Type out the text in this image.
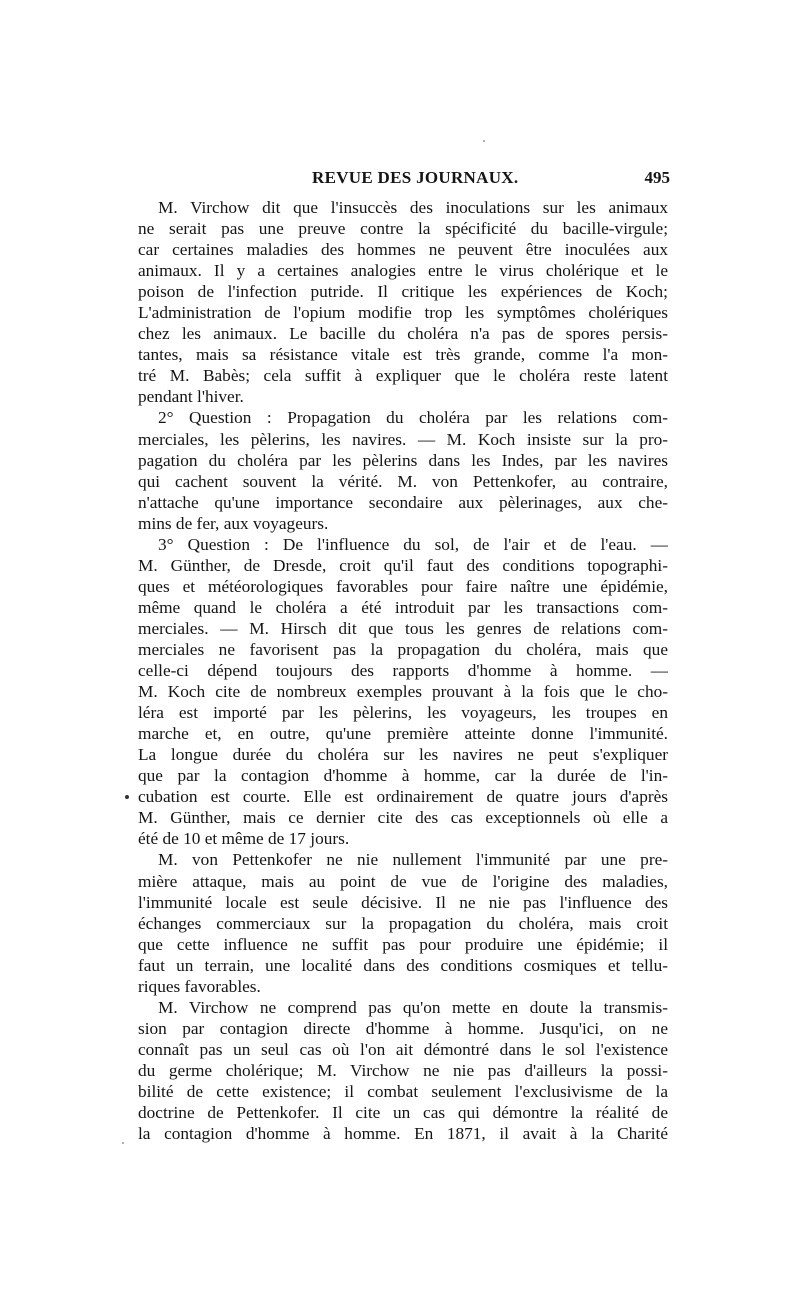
REVUE DES JOURNAUX.	495
M. Virchow dit que l'insuccès des inoculations sur les animaux
ne serait pas une preuve contre la spécificité du bacille-virgule;
car certaines maladies des hommes ne peuvent être inoculées aux
animaux. Il y a certaines analogies entre le virus cholérique et le
poison de l'infection putride. Il critique les expériences de Koch;
L'administration de l'opium modifie trop les symptômes cholériques
chez les animaux. Le bacille du choléra n'a pas de spores persis-
tantes, mais sa résistance vitale est très grande, comme l'a mon-
tré M. Babès; cela suffit à expliquer que le choléra reste latent
pendant l'hiver.
2° Question : Propagation du choléra par les relations com-
merciales, les pèlerins, les navires. — M. Koch insiste sur la pro-
pagation du choléra par les pèlerins dans les Indes, par les navires
qui cachent souvent la vérité. M. von Pettenkofer, au contraire,
n'attache qu'une importance secondaire aux pèlerinages, aux che-
mins de fer, aux voyageurs.
3° Question : De l'influence du sol, de l'air et de l'eau. —
M. Günther, de Dresde, croit qu'il faut des conditions topographi-
ques et météorologiques favorables pour faire naître une épidémie,
même quand le choléra a été introduit par les transactions com-
merciales. — M. Hirsch dit que tous les genres de relations com-
merciales ne favorisent pas la propagation du choléra, mais que
celle-ci dépend toujours des rapports d'homme à homme. —
M. Koch cite de nombreux exemples prouvant à la fois que le cho-
léra est importé par les pèlerins, les voyageurs, les troupes en
marche et, en outre, qu'une première atteinte donne l'immunité.
La longue durée du choléra sur les navires ne peut s'expliquer
que par la contagion d'homme à homme, car la durée de l'in-
cubation est courte. Elle est ordinairement de quatre jours d'après
M. Günther, mais ce dernier cite des cas exceptionnels où elle a
été de 10 et même de 17 jours.
M. von Pettenkofer ne nie nullement l'immunité par une pre-
mière attaque, mais au point de vue de l'origine des maladies,
l'immunité locale est seule décisive. Il ne nie pas l'influence des
échanges commerciaux sur la propagation du choléra, mais croit
que cette influence ne suffit pas pour produire une épidémie; il
faut un terrain, une localité dans des conditions cosmiques et tellu-
riques favorables.
M. Virchow ne comprend pas qu'on mette en doute la transmis-
sion par contagion directe d'homme à homme. Jusqu'ici, on ne
connaît pas un seul cas où l'on ait démontré dans le sol l'existence
du germe cholérique; M. Virchow ne nie pas d'ailleurs la possi-
bilité de cette existence; il combat seulement l'exclusivisme de la
doctrine de Pettenkofer. Il cite un cas qui démontre la réalité de
la contagion d'homme à homme. En 1871, il avait à la Charité
